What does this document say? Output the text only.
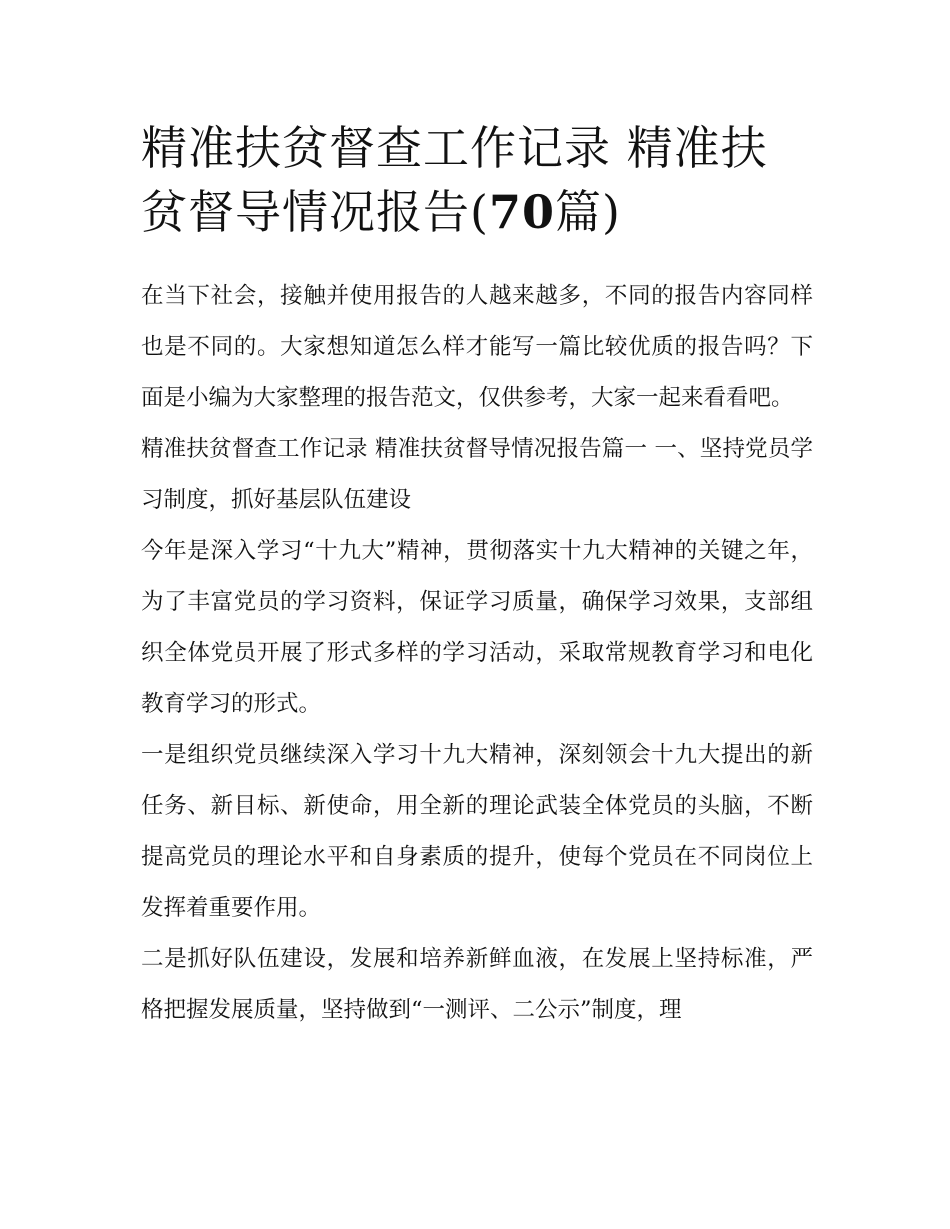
精准扶贫督查工作记录 精准扶贫督导情况报告(70篇)

在当下社会，接触并使用报告的人越来越多，不同的报告内容同样也是不同的。大家想知道怎么样才能写一篇比较优质的报告吗？下面是小编为大家整理的报告范文，仅供参考，大家一起来看看吧。

精准扶贫督查工作记录 精准扶贫督导情况报告篇一 一、坚持党员学习制度，抓好基层队伍建设

今年是深入学习“十九大”精神，贯彻落实十九大精神的关键之年，为了丰富党员的学习资料，保证学习质量，确保学习效果，支部组织全体党员开展了形式多样的学习活动，采取常规教育学习和电化教育学习的形式。

一是组织党员继续深入学习十九大精神，深刻领会十九大提出的新任务、新目标、新使命，用全新的理论武装全体党员的头脑，不断提高党员的理论水平和自身素质的提升，使每个党员在不同岗位上发挥着重要作用。

二是抓好队伍建设，发展和培养新鲜血液，在发展上坚持标准，严格把握发展质量，坚持做到“一测评、二公示”制度，理
